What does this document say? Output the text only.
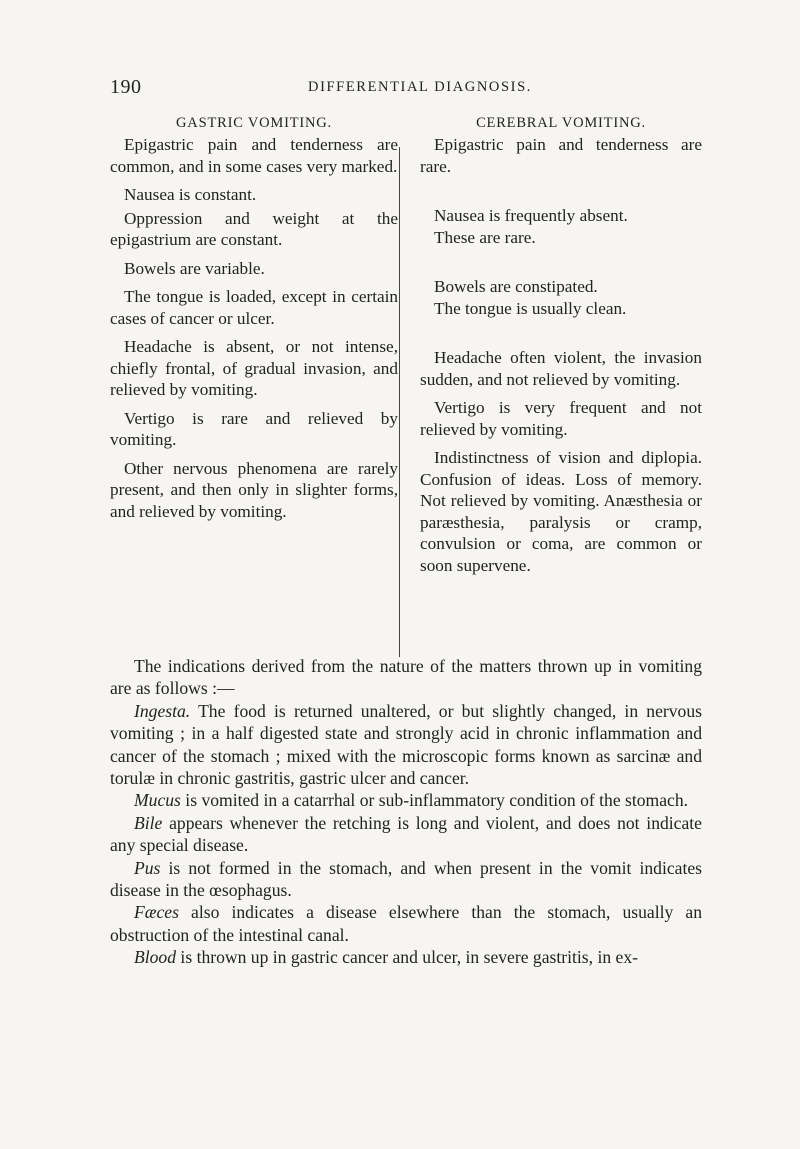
190	DIFFERENTIAL DIAGNOSIS.
GASTRIC VOMITING.

Epigastric pain and tenderness are common, and in some cases very marked.

Nausea is constant.

Oppression and weight at the epigastrium are constant.

Bowels are variable.

The tongue is loaded, except in certain cases of cancer or ulcer.

Headache is absent, or not intense, chiefly frontal, of gradual invasion, and relieved by vomiting.

Vertigo is rare and relieved by vomiting.

Other nervous phenomena are rarely present, and then only in slighter forms, and relieved by vomiting.

CEREBRAL VOMITING.

Epigastric pain and tenderness are rare.

Nausea is frequently absent.

These are rare.

Bowels are constipated.

The tongue is usually clean.

Headache often violent, the invasion sudden, and not relieved by vomiting.

Vertigo is very frequent and not relieved by vomiting.

Indistinctness of vision and diplopia. Confusion of ideas. Loss of memory. Not relieved by vomiting. Anæsthesia or paræsthesia, paralysis or cramp, convulsion or coma, are common or soon supervene.

The indications derived from the nature of the matters thrown up in vomiting are as follows :—

Ingesta. The food is returned unaltered, or but slightly changed, in nervous vomiting ; in a half digested state and strongly acid in chronic inflammation and cancer of the stomach ; mixed with the microscopic forms known as sarcinæ and torulæ in chronic gastritis, gastric ulcer and cancer.

Mucus is vomited in a catarrhal or sub-inflammatory condition of the stomach.

Bile appears whenever the retching is long and violent, and does not indicate any special disease.

Pus is not formed in the stomach, and when present in the vomit indicates disease in the œsophagus.

Fæces also indicates a disease elsewhere than the stomach, usually an obstruction of the intestinal canal.

Blood is thrown up in gastric cancer and ulcer, in severe gastritis, in ex-
